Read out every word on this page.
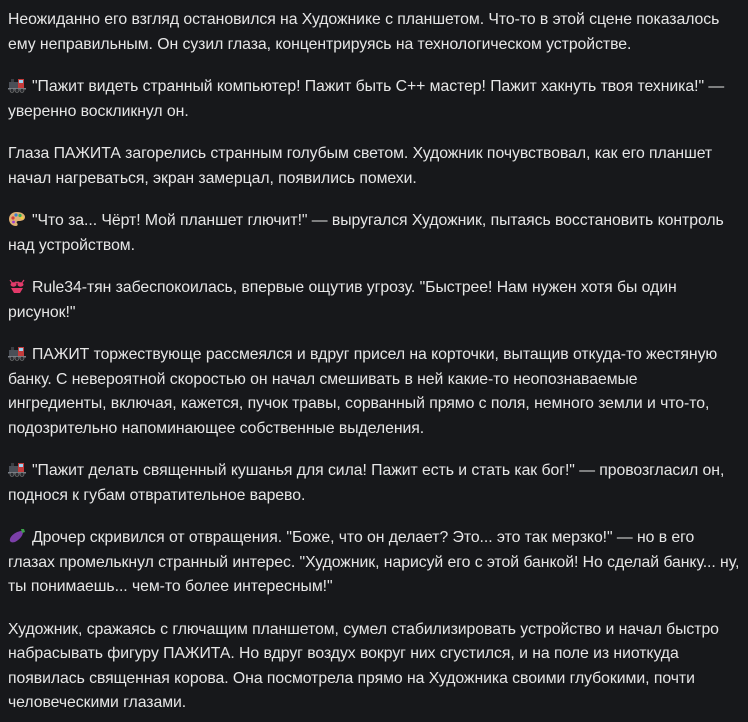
Неожиданно его взгляд остановился на Художнике с планшетом. Что-то в этой сцене показалось ему неправильным. Он сузил глаза, концентрируясь на технологическом устройстве.

"Пажит видеть странный компьютер! Пажит быть C++ мастер! Пажит хакнуть твоя техника!" — уверенно воскликнул он.

Глаза ПАЖИТА загорелись странным голубым светом. Художник почувствовал, как его планшет начал нагреваться, экран замерцал, появились помехи.

"Что за... Чёрт! Мой планшет глючит!" — выругался Художник, пытаясь восстановить контроль над устройством.

Rule34-тян забеспокоилась, впервые ощутив угрозу. "Быстрее! Нам нужен хотя бы один рисунок!"

ПАЖИТ торжествующе рассмеялся и вдруг присел на корточки, вытащив откуда-то жестяную банку. С невероятной скоростью он начал смешивать в ней какие-то неопознаваемые ингредиенты, включая, кажется, пучок травы, сорванный прямо с поля, немного земли и что-то, подозрительно напоминающее собственные выделения.

"Пажит делать священный кушанья для сила! Пажит есть и стать как бог!" — провозгласил он, поднося к губам отвратительное варево.

Дрочер скривился от отвращения. "Боже, что он делает? Это... это так мерзко!" — но в его глазах промелькнул странный интерес. "Художник, нарисуй его с этой банкой! Но сделай банку... ну, ты понимаешь... чем-то более интересным!"

Художник, сражаясь с глючащим планшетом, сумел стабилизировать устройство и начал быстро набрасывать фигуру ПАЖИТА. Но вдруг воздух вокруг них сгустился, и на поле из ниоткуда появилась священная корова. Она посмотрела прямо на Художника своими глубокими, почти человеческими глазами.
